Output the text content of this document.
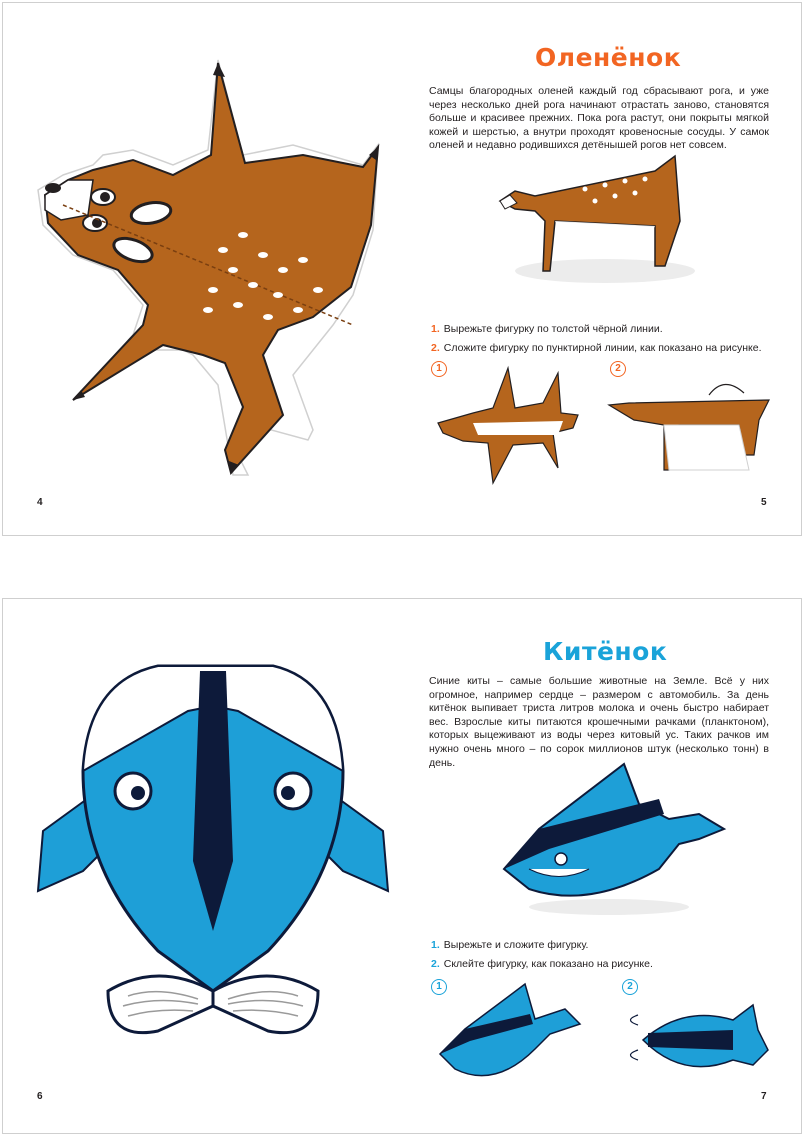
Оленёнок

Самцы благородных оленей каждый год сбрасывают рога, и уже через несколько дней рога начинают отрастать заново, становятся больше и красивее прежних. Пока рога растут, они покрыты мягкой кожей и шерстью, а внутри проходят кровеносные сосуды. У самок оленей и недавно родившихся детёнышей рогов нет совсем.

1. Вырежьте фигурку по толстой чёрной линии.
2. Сложите фигурку по пунктирной линии, как показано на рисунке.
1	2
4	5
Китёнок

Синие киты – самые большие животные на Земле. Всё у них огромное, например сердце – размером с автомобиль. За день китёнок выпивает триста литров молока и очень быстро набирает вес. Взрослые киты питаются крошечными рачками (планктоном), которых выцеживают из воды через китовый ус. Таких рачков им нужно очень много – по сорок миллионов штук (несколько тонн) в день.

1. Вырежьте и сложите фигурку.
2. Склейте фигурку, как показано на рисунке.
1	2
6	7
